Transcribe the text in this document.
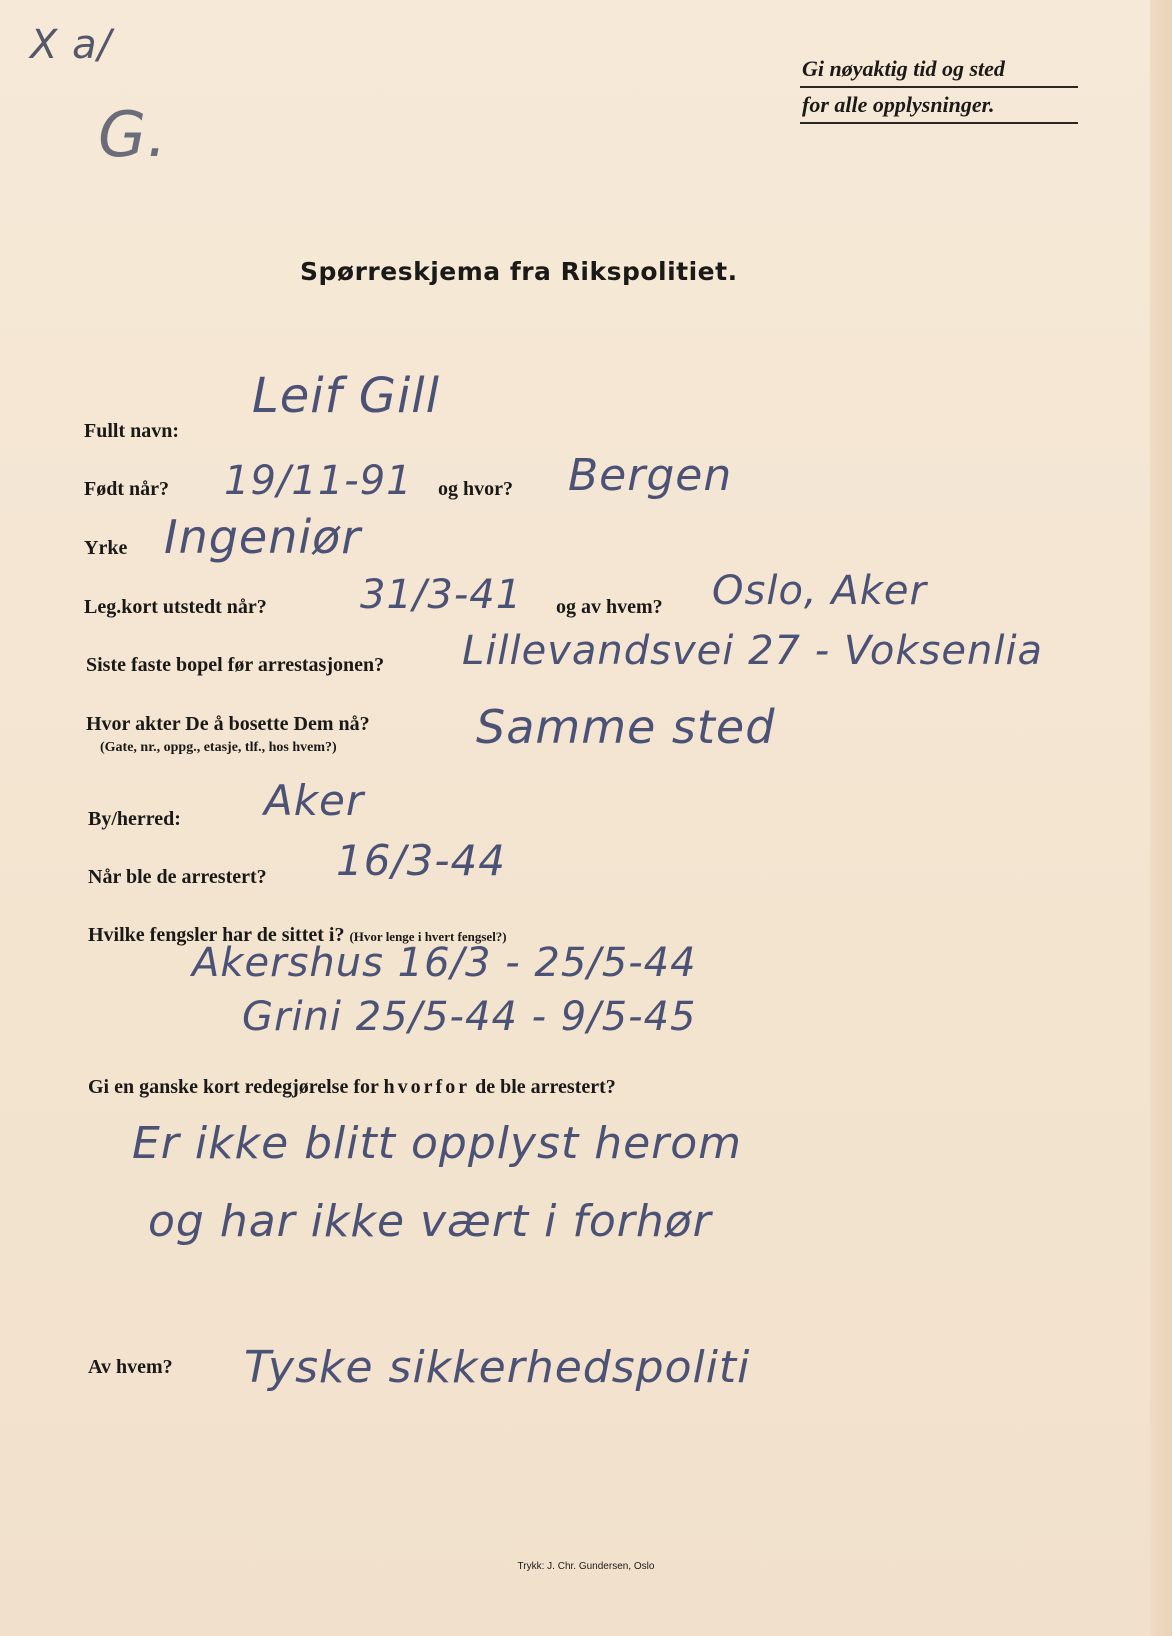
X a/
G.
Gi nøyaktig tid og sted
for alle opplysninger.
Spørreskjema fra Rikspolitiet.
Fullt navn:
Leif Gill
Født når? 19/11-91 og hvor? Bergen
Yrke Ingeniør
Leg.kort utstedt når? 31/3-41 og av hvem? Oslo, Aker
Siste faste bopel før arrestasjonen? Lillevandsvei 27 - Voksenlia
Hvor akter De å bosette Dem nå?
(Gate, nr., oppg., etasje, tlf., hos hvem?)	Samme sted
By/herred: Aker
Når ble de arrestert? 16/3-44
Hvilke fengsler har de sittet i? (Hvor lenge i hvert fengsel?)
Akershus 16/3 - 25/5-44
Grini 25/5-44 - 9/5-45
Gi en ganske kort redegjørelse for hvorfor de ble arrestert?
Er ikke blitt opplyst herom
og har ikke vært i forhør
Av hvem? Tyske sikkerhedspoliti
Trykk: J. Chr. Gundersen, Oslo
